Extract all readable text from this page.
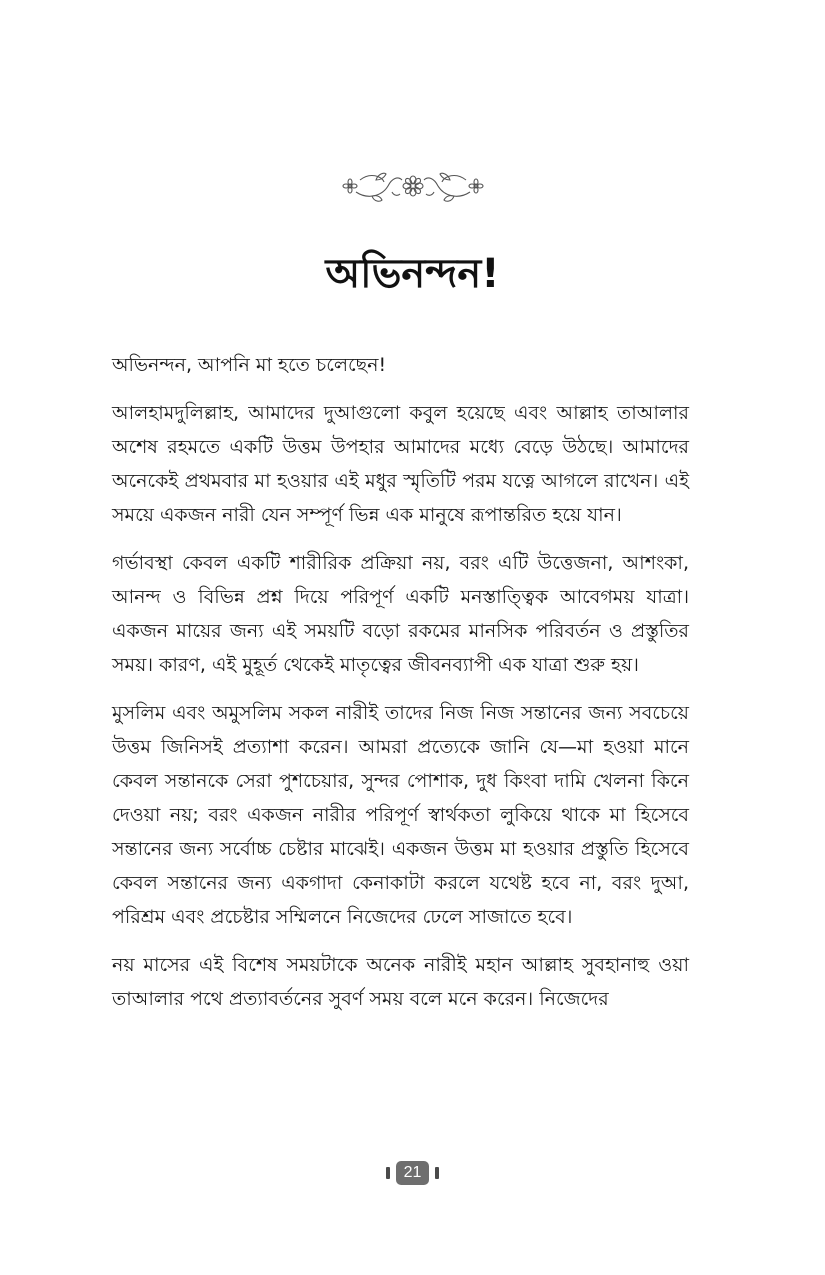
অভিনন্দন!

অভিনন্দন, আপনি মা হতে চলেছেন!

আলহামদুলিল্লাহ, আমাদের দুআগুলো কবুল হয়েছে এবং আল্লাহ তাআলার অশেষ রহমতে একটি উত্তম উপহার আমাদের মধ্যে বেড়ে উঠছে। আমাদের অনেকেই প্রথমবার মা হওয়ার এই মধুর স্মৃতিটি পরম যত্নে আগলে রাখেন। এই সময়ে একজন নারী যেন সম্পূর্ণ ভিন্ন এক মানুষে রূপান্তরিত হয়ে যান।

গর্ভাবস্থা কেবল একটি শারীরিক প্রক্রিয়া নয়, বরং এটি উত্তেজনা, আশংকা, আনন্দ ও বিভিন্ন প্রশ্ন দিয়ে পরিপূর্ণ একটি মনস্তাত্ত্বিক আবেগময় যাত্রা। একজন মায়ের জন্য এই সময়টি বড়ো রকমের মানসিক পরিবর্তন ও প্রস্তুতির সময়। কারণ, এই মুহূর্ত থেকেই মাতৃত্বের জীবনব্যাপী এক যাত্রা শুরু হয়।

মুসলিম এবং অমুসলিম সকল নারীই তাদের নিজ নিজ সন্তানের জন্য সবচেয়ে উত্তম জিনিসই প্রত্যাশা করেন। আমরা প্রত্যেকে জানি যে—মা হওয়া মানে কেবল সন্তানকে সেরা পুশচেয়ার, সুন্দর পোশাক, দুধ কিংবা দামি খেলনা কিনে দেওয়া নয়; বরং একজন নারীর পরিপূর্ণ স্বার্থকতা লুকিয়ে থাকে মা হিসেবে সন্তানের জন্য সর্বোচ্চ চেষ্টার মাঝেই। একজন উত্তম মা হওয়ার প্রস্তুতি হিসেবে কেবল সন্তানের জন্য একগাদা কেনাকাটা করলে যথেষ্ট হবে না, বরং দুআ, পরিশ্রম এবং প্রচেষ্টার সম্মিলনে নিজেদের ঢেলে সাজাতে হবে।

নয় মাসের এই বিশেষ সময়টাকে অনেক নারীই মহান আল্লাহ সুবহানাহু ওয়া তাআলার পথে প্রত্যাবর্তনের সুবর্ণ সময় বলে মনে করেন। নিজেদের

21
